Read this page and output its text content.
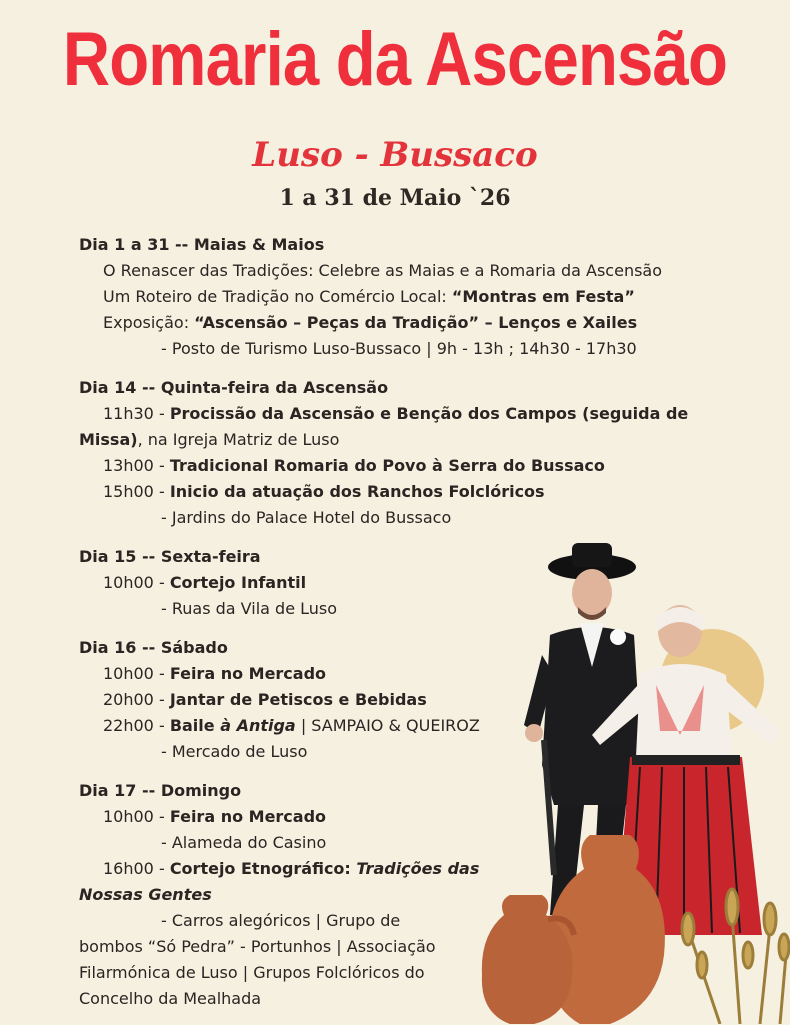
Romaria da Ascensão
Luso - Bussaco
1 a 31 de Maio `26
Dia 1 a 31 -- Maias & Maios
O Renascer das Tradições: Celebre as Maias e a Romaria da Ascensão
Um Roteiro de Tradição no Comércio Local: “Montras em Festa”
Exposição: “Ascensão – Peças da Tradição” – Lenços e Xailes
- Posto de Turismo Luso-Bussaco | 9h - 13h ; 14h30 - 17h30
Dia 14 -- Quinta-feira da Ascensão
11h30 - Procissão da Ascensão e Benção dos Campos (seguida de
Missa), na Igreja Matriz de Luso
13h00 - Tradicional Romaria do Povo à Serra do Bussaco
15h00 - Inicio da atuação dos Ranchos Folclóricos
- Jardins do Palace Hotel do Bussaco
Dia 15 -- Sexta-feira
10h00 - Cortejo Infantil
- Ruas da Vila de Luso
Dia 16 -- Sábado
10h00 - Feira no Mercado
20h00 - Jantar de Petiscos e Bebidas
22h00 - Baile à Antiga | SAMPAIO & QUEIROZ
- Mercado de Luso
Dia 17 -- Domingo
10h00 - Feira no Mercado
- Alameda do Casino
16h00 - Cortejo Etnográfico: Tradições das
Nossas Gentes
- Carros alegóricos | Grupo de
bombos “Só Pedra” - Portunhos | Associação Filarmónica de Luso | Grupos Folclóricos do Concelho da Mealhada
